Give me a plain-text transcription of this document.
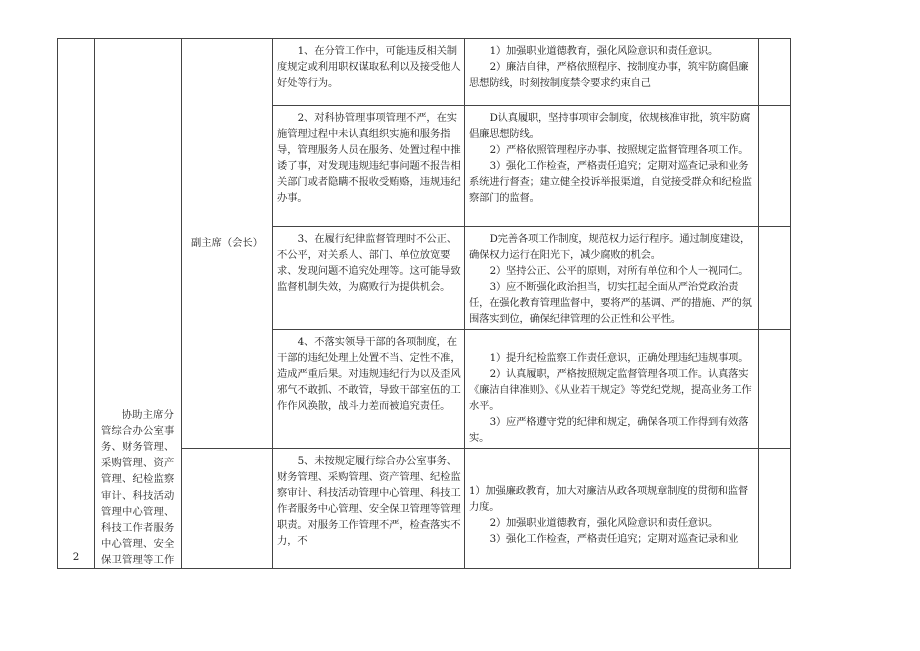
2	协助主席分管综合办公室事务、财务管理、采购管理、资产管理、纪检监察审计、科技活动管理中心管理、科技工作者服务中心管理、安全保卫管理等工作	副主席（会长）	1、在分管工作中，可能违反相关制度规定或利用职权谋取私利以及接受他人好处等行为。	1）加强职业道德教育，强化风险意识和责任意识。

2）廉洁自律，严格依照程序、按制度办事，筑牢防腐倡廉思想防线，时刻按制度禁令要求约束自己	

			2、对科协管理事项管理不严，在实施管理过程中未认真组织实施和服务指导，管理服务人员在服务、处置过程中推诿了事，对发现违规违纪事问题不报告相关部门或者隐瞒不报收受贿赂，违规违纪办事。	D认真履职，坚持事项审会制度，依规核准审批，筑牢防腐倡廉思想防线。

2）严格依照管理程序办事、按照规定监督管理各项工作。

3）强化工作检查，严格责任追究；定期对巡查记录和业务系统进行督查；建立健全投诉举报渠道，自觉接受群众和纪检监察部门的监督。	

			3、在履行纪律监督管理时不公正、不公平，对关系人、部门、单位放宽要求、发现问题不追究处理等。这可能导致监督机制失效，为腐败行为提供机会。	D完善各项工作制度，规范权力运行程序。通过制度建设，确保权力运行在阳光下，减少腐败的机会。

2）坚持公正、公平的原则，对所有单位和个人一视同仁。

3）应不断强化政治担当，切实扛起全面从严治党政治责任，在强化教育管理监督中，要将严的基调、严的措施、严的氛围落实到位，确保纪律管理的公正性和公平性。	

			4、不落实领导干部的各项制度，在干部的违纪处理上处置不当、定性不准，造成严重后果。对违规违纪行为以及歪风邪气不敢抓、不敢管，导致干部室伍的工作作风涣散，战斗力差而被追究责任。	1）提升纪检监察工作责任意识，正确处理违纪违规事项。

2）认真履职，严格按照规定监督管理各项工作。认真落实《廉洁自律准则》、《从业若干规定》等党纪党规，提高业务工作水平。

3）应严格遵守党的纪律和规定，确保各项工作得到有效落实。	

			5、未按规定履行综合办公室事务、财务管理、采购管理、资产管理、纪检监察审计、科技活动管理中心管理、科技工作者服务中心管理、安全保卫管理等管理职责。对服务工作管理不严，检查落实不力，不	1）加强廉政教育，加大对廉洁从政各项规章制度的贯彻和监督力度。

2）加强职业道德教育，强化风险意识和责任意识。

3）强化工作检查，严格责任追究；定期对巡查记录和业	
